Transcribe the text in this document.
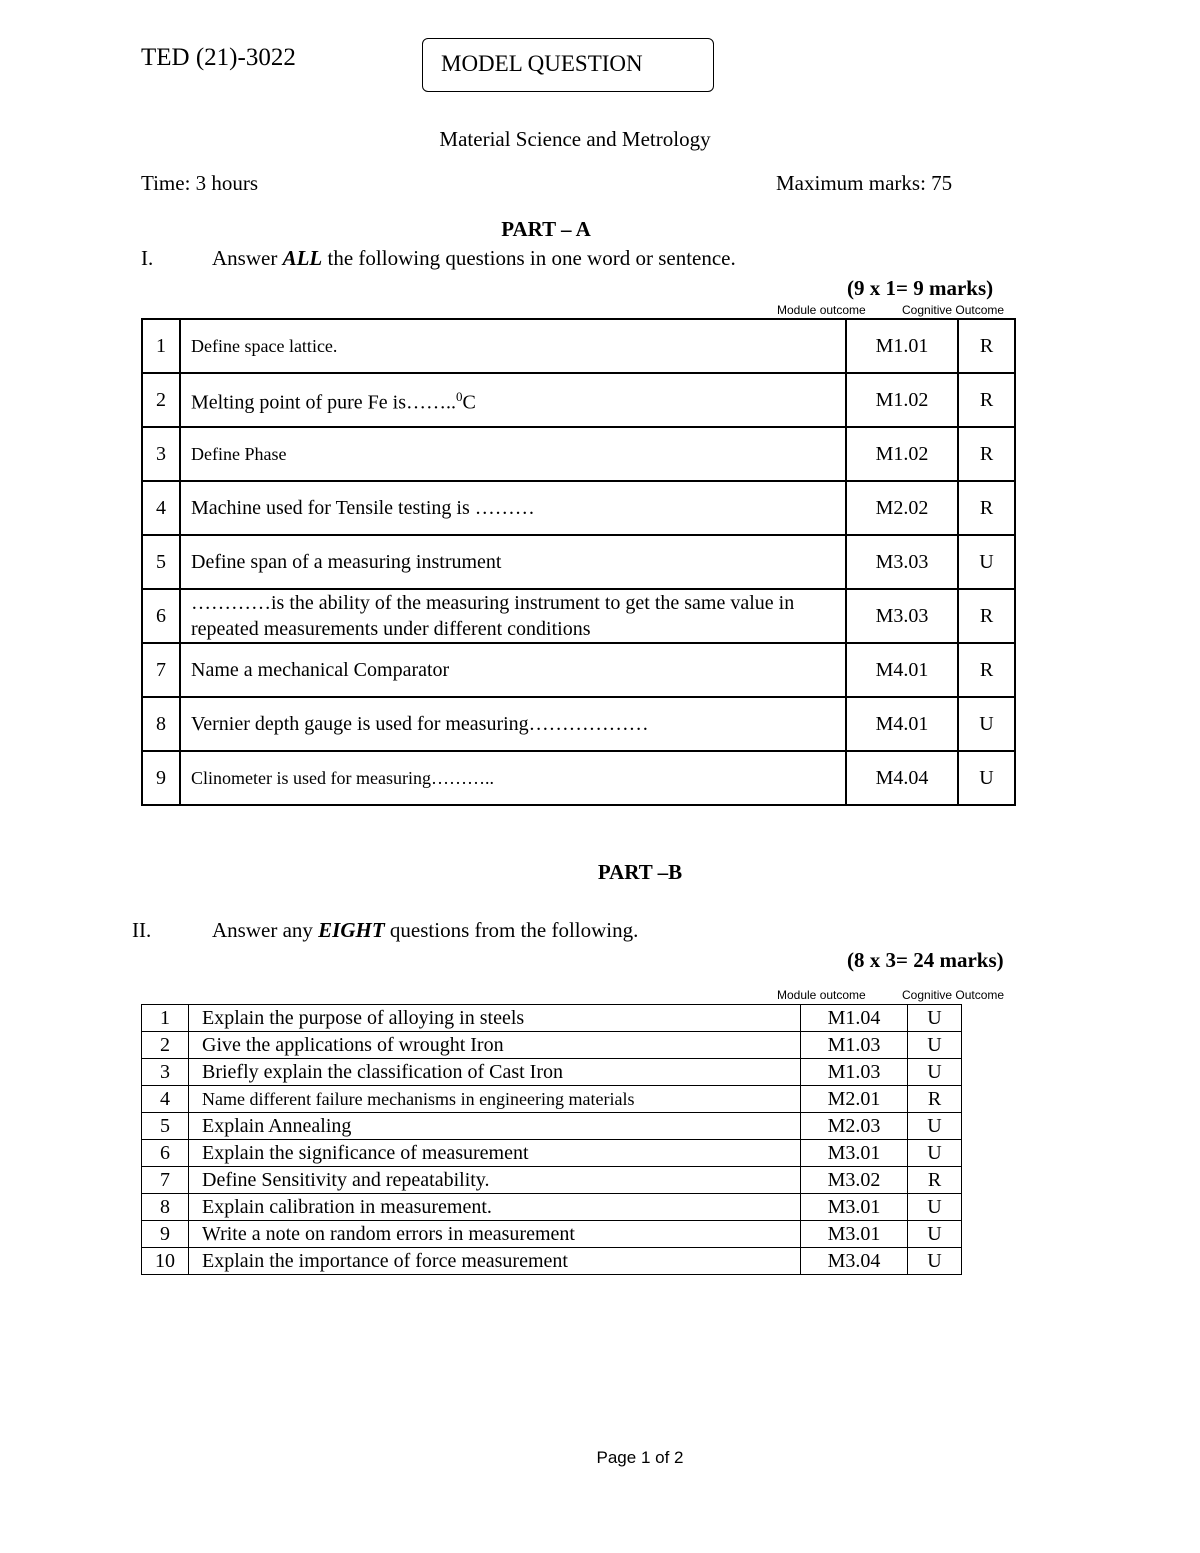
TED (21)-3022	MODEL QUESTION
Material Science and Metrology
Time: 3 hours	Maximum marks: 75
PART – A
I.	Answer ALL the following questions in one word or sentence.
(9 x 1= 9 marks)
Module outcome	Cognitive Outcome
1	Define space lattice.	M1.01	R
2	Melting point of pure Fe is……..$^0$C	M1.02	R
3	Define Phase	M1.02	R
4	Machine used for Tensile testing is ………	M2.02	R
5	Define span of a measuring instrument	M3.03	U
6	…………is the ability of the measuring instrument to get the same value in repeated measurements under different conditions	M3.03	R
7	Name a mechanical Comparator	M4.01	R
8	Vernier depth gauge is used for measuring………………	M4.01	U
9	Clinometer is used for measuring………..	M4.04	U
PART –B
II.	Answer any EIGHT questions from the following.
(8 x 3= 24 marks)
Module outcome	Cognitive Outcome
1	Explain the purpose of alloying in steels	M1.04	U
2	Give the applications of wrought Iron	M1.03	U
3	Briefly explain the classification of Cast Iron	M1.03	U
4	Name different failure mechanisms in engineering materials	M2.01	R
5	Explain Annealing	M2.03	U
6	Explain the significance of measurement	M3.01	U
7	Define Sensitivity and repeatability.	M3.02	R
8	Explain calibration in measurement.	M3.01	U
9	Write a note on random errors in measurement	M3.01	U
10	Explain the importance of force measurement	M3.04	U
Page 1 of 2
